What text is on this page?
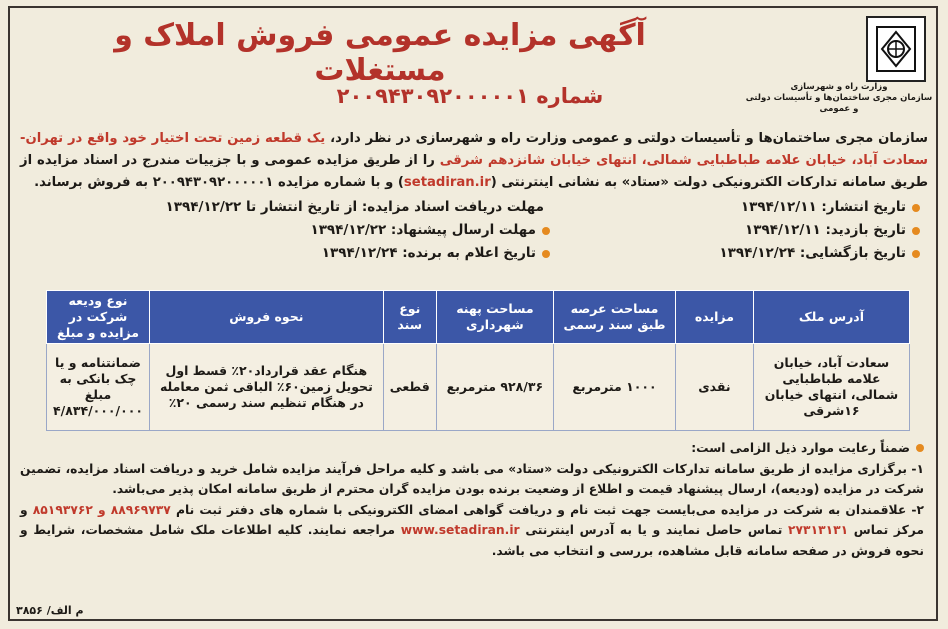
وزارت راه و شهرسازی
سازمان مجری ساختمان‌ها و تأسیسات دولتی و عمومی
آگهی مزایده عمومی فروش املاک و مستغلات
شماره ۲۰۰۹۴۳۰۹۲۰۰۰۰۰۱
سازمان مجری ساختمان‌ها و تأسیسات دولتی و عمومی وزارت راه و شهرسازی در نظر دارد، یک قطعه زمین تحت اختیار خود واقع در تهران- سعادت آباد، خیابان علامه طباطبایی شمالی، انتهای خیابان شانزدهم شرقی را از طریق مزایده عمومی و با جزییات مندرج در اسناد مزایده از طریق سامانه تدارکات الکترونیکی دولت «ستاد» به نشانی اینترنتی (setadiran.ir) و با شماره مزایده ۲۰۰۹۴۳۰۹۲۰۰۰۰۰۱ به فروش برساند.
تاریخ انتشار: ۱۳۹۴/۱۲/۱۱
تاریخ بازدید: ۱۳۹۴/۱۲/۱۱
تاریخ بازگشایی: ۱۳۹۴/۱۲/۲۴
مهلت دریافت اسناد مزایده: از تاریخ انتشار تا ۱۳۹۴/۱۲/۲۲
مهلت ارسال پیشنهاد: ۱۳۹۴/۱۲/۲۲
تاریخ اعلام به برنده: ۱۳۹۴/۱۲/۲۴
آدرس ملک	مزایده	مساحت عرصه طبق سند رسمی	مساحت پهنه شهرداری	نوع سند	نحوه فروش	نوع ودیعه شرکت در مزایده و مبلغ
سعادت آباد، خیابان علامه طباطبایی شمالی، انتهای خیابان ۱۶شرقی	نقدی	۱۰۰۰ مترمربع	۹۲۸/۳۶ مترمربع	قطعی	هنگام عقد قرارداد۲۰٪ قسط اول تحویل زمین۶۰٪ الباقی ثمن معامله در هنگام تنظیم سند رسمی ۲۰٪	ضمانتنامه و یا چک بانکی به مبلغ ۴/۸۳۴/۰۰۰/۰۰۰
ضمناً رعایت موارد ذیل الزامی است:
۱- برگزاری مزایده از طریق سامانه تدارکات الکترونیکی دولت «ستاد» می باشد و کلیه مراحل فرآیند مزایده شامل خرید و دریافت اسناد مزایده، تضمین شرکت در مزایده (ودیعه)، ارسال پیشنهاد قیمت و اطلاع از وضعیت برنده بودن مزایده گران محترم از طریق سامانه امکان پذیر می‌باشد.
۲- علاقمندان به شرکت در مزایده می‌بایست جهت ثبت نام و دریافت گواهی امضای الکترونیکی با شماره های دفتر ثبت نام ۸۸۹۶۹۷۳۷ و ۸۵۱۹۳۷۶۲ و مرکز تماس ۲۷۳۱۳۱۳۱ تماس حاصل نمایند و یا به آدرس اینترنتی www.setadiran.ir مراجعه نمایند. کلیه اطلاعات ملک شامل مشخصات، شرایط و نحوه فروش در صفحه سامانه قابل مشاهده، بررسی و انتخاب می باشد.
م الف/ ۳۸۵۶
